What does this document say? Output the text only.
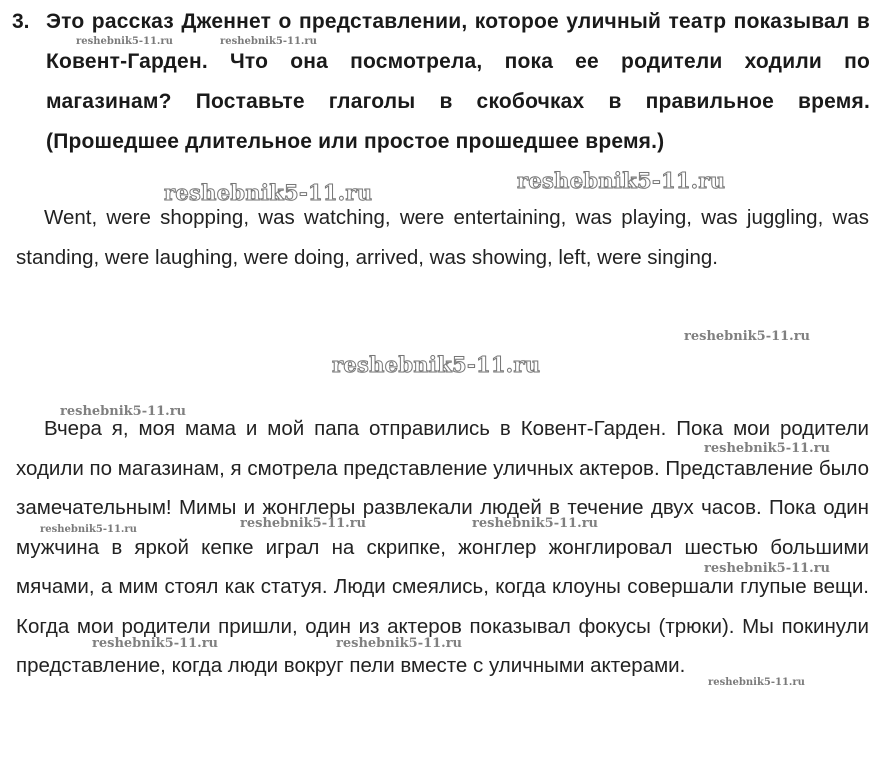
3. Это рассказ Дженнет о представлении, которое уличный театр показывал в Ковент-Гарден. Что она посмотрела, пока ее родители ходили по магазинам? Поставьте глаголы в скобочках в правильное время. (Прошедшее длительное или простое прошедшее время.)

Went, were shopping, was watching, were entertaining, was playing, was juggling, was standing, were laughing, were doing, arrived, was showing, left, were singing.

Вчера я, моя мама и мой папа отправились в Ковент-Гарден. Пока мои родители ходили по магазинам, я смотрела представление уличных актеров. Представление было замечательным! Мимы и жонглеры развлекали людей в течение двух часов. Пока один мужчина в яркой кепке играл на скрипке, жонглер жонглировал шестью большими мячами, а мим стоял как статуя. Люди смеялись, когда клоуны совершали глупые вещи. Когда мои родители пришли, один из актеров показывал фокусы (трюки). Мы покинули представление, когда люди вокруг пели вместе с уличными актерами.

reshebnik5-11.ru	reshebnik5-11.ru
reshebnik5-11.ru	reshebnik5-11.ru
reshebnik5-11.ru
reshebnik5-11.ru
reshebnik5-11.ru
reshebnik5-11.ru
reshebnik5-11.ru	reshebnik5-11.ru	reshebnik5-11.ru
reshebnik5-11.ru
reshebnik5-11.ru	reshebnik5-11.ru
reshebnik5-11.ru
